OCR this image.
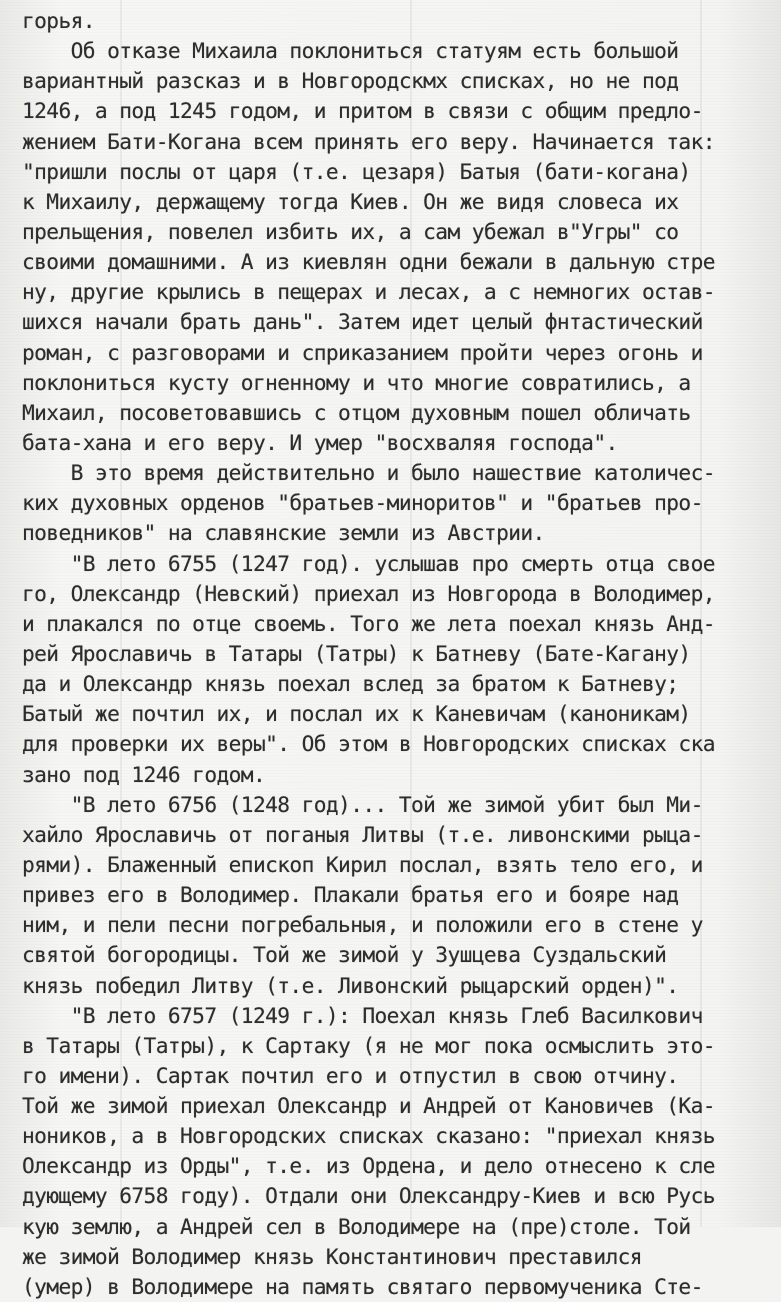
горья.
Об отказе Михаила поклониться статуям есть большой
вариантный разсказ и в Новгородскмх списках, но не под
1246, а под 1245 годом, и притом в связи с общим предло-
жением Бати-Когана всем принять его веру. Начинается так:
"пришли послы от царя (т.е. цезаря) Батыя (бати-когана)
к Михаилу, держащему тогда Киев. Он же видя словеса их
прельщения, повелел избить их, а сам убежал в"Угры" со
своими домашними. А из киевлян одни бежали в дальную стре
ну, другие крылись в пещерах и лесах, а с немногих остав-
шихся начали брать дань". Затем идет целый фнтастический
роман, с разговорами и сприказанием пройти через огонь и
поклониться кусту огненному и что многие совратились, а
Михаил, посоветовавшись с отцом духовным пошел обличать
бата-хана и его веру. И умер "восхваляя господа".
В это время действительно и было нашествие католичес-
ких духовных орденов "братьев-миноритов" и "братьев про-
поведников" на славянские земли из Австрии.
"В лето 6755 (1247 год). услышав про смерть отца свое
го, Олександр (Невский) приехал из Новгорода в Володимер,
и плакался по отце своемь. Того же лета поехал князь Анд-
рей Ярославичь в Татары (Татры) к Батневу (Бате-Кагану)
да и Олександр князь поехал вслед за братом к Батневу;
Батый же почтил их, и послал их к Каневичам (каноникам)
для проверки их веры". Об этом в Новгородских списках ска
зано под 1246 годом.
"В лето 6756 (1248 год)... Той же зимой убит был Ми-
хайло Ярославичь от поганыя Литвы (т.е. ливонскими рыца-
рями). Блаженный епископ Кирил послал, взять тело его, и
привез его в Володимер. Плакали братья его и бояре над
ним, и пели песни погребальныя, и положили его в стене у
святой богородицы. Той же зимой у Зушцева Суздальский
князь победил Литву (т.е. Ливонский рыцарский орден)".
"В лето 6757 (1249 г.): Поехал князь Глеб Василкович
в Татары (Татры), к Сартаку (я не мог пока осмыслить это-
го имени). Сартак почтил его и отпустил в свою отчину.
Той же зимой приехал Олександр и Андрей от Кановичев (Ка-
ноников, а в Новгородских списках сказано: "приехал князь
Олександр из Орды", т.е. из Ордена, и дело отнесено к сле
дующему 6758 году). Отдали они Олександру-Киев и всю Русь
кую землю, а Андрей сел в Володимере на (пре)столе. Той
же зимой Володимер князь Константинович преставился
(умер) в Володимере на память святаго первомученика Сте-
